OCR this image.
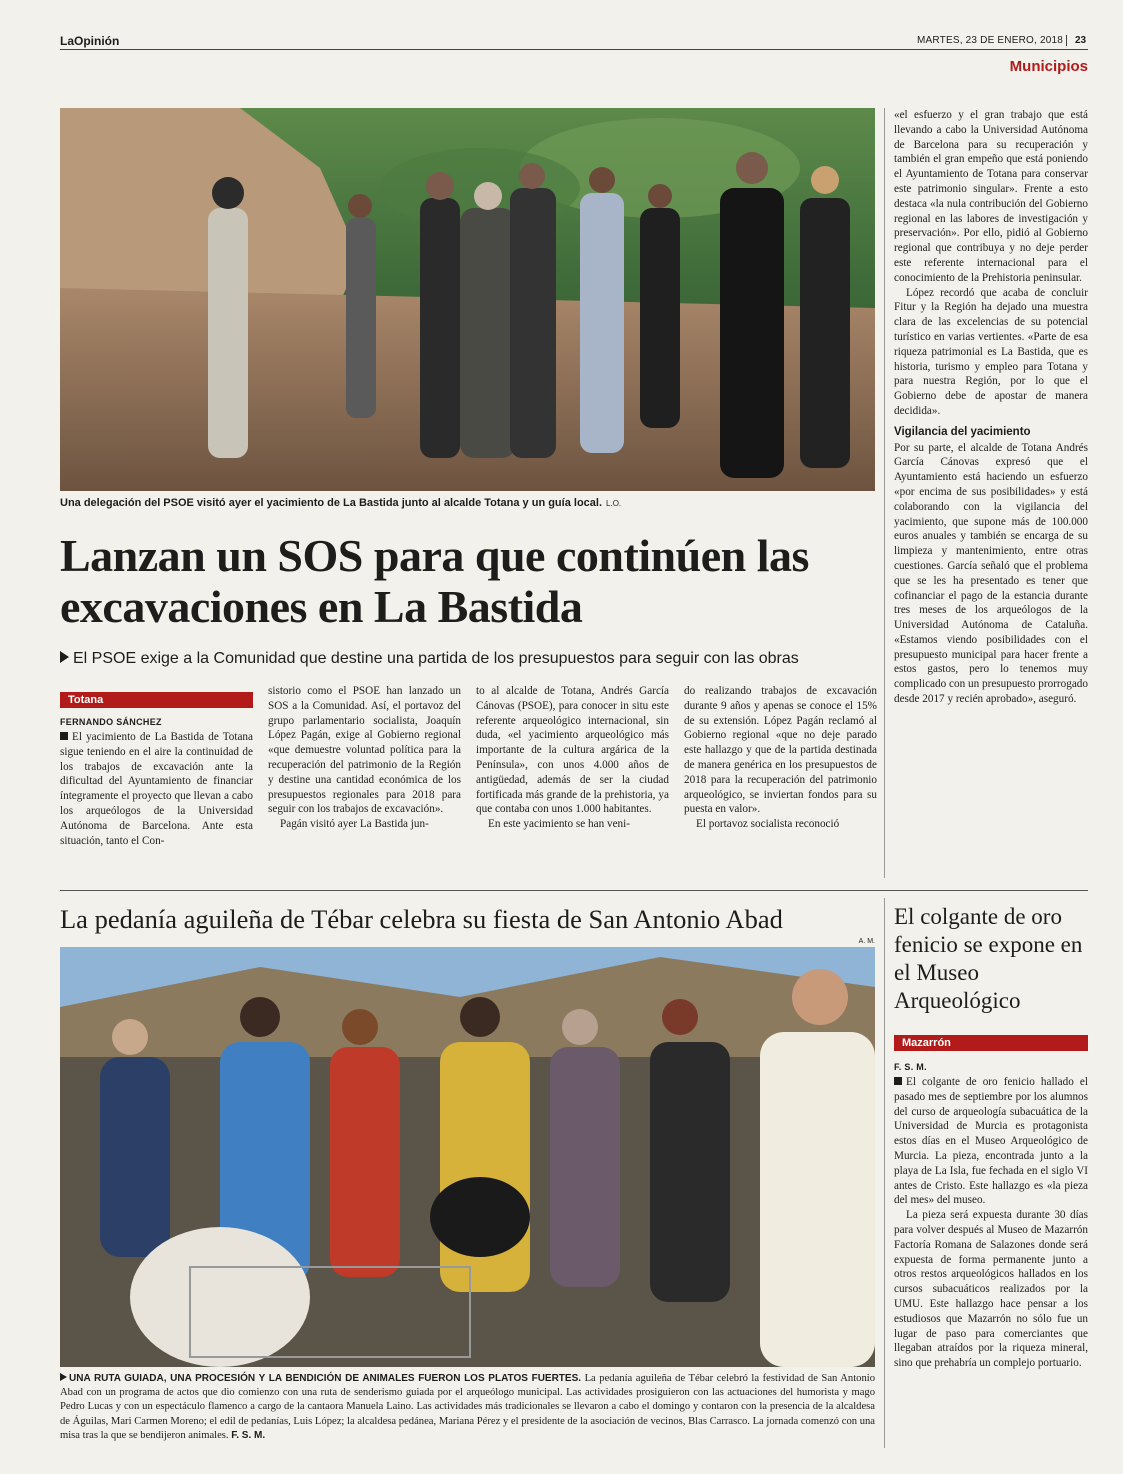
LaOpinión	MARTES, 23 DE ENERO, 2018	23
Municipios
Una delegación del PSOE visitó ayer el yacimiento de La Bastida junto al alcalde Totana y un guía local. L.O.
Lanzan un SOS para que continúen las excavaciones en La Bastida
El PSOE exige a la Comunidad que destine una partida de los presupuestos para seguir con las obras
Totana
FERNANDO SÁNCHEZ

El yacimiento de La Bastida de Totana sigue teniendo en el aire la continuidad de los trabajos de excavación ante la dificultad del Ayuntamiento de financiar íntegramente el proyecto que llevan a cabo los arqueólogos de la Universidad Autónoma de Barcelona. Ante esta situación, tanto el Con-

sistorio como el PSOE han lanzado un SOS a la Comunidad. Así, el portavoz del grupo parlamentario socialista, Joaquín López Pagán, exige al Gobierno regional «que demuestre voluntad política para la recuperación del patrimonio de la Región y destine una cantidad económica de los presupuestos regionales para 2018 para seguir con los trabajos de excavación».

Pagán visitó ayer La Bastida jun-

to al alcalde de Totana, Andrés García Cánovas (PSOE), para conocer in situ este referente arqueológico internacional, sin duda, «el yacimiento arqueológico más importante de la cultura argárica de la Península», con unos 4.000 años de antigüedad, además de ser la ciudad fortificada más grande de la prehistoria, ya que contaba con unos 1.000 habitantes.

En este yacimiento se han veni-

do realizando trabajos de excavación durante 9 años y apenas se conoce el 15% de su extensión. López Pagán reclamó al Gobierno regional «que no deje parado este hallazgo y que de la partida destinada de manera genérica en los presupuestos de 2018 para la recuperación del patrimonio arqueológico, se inviertan fondos para su puesta en valor».

El portavoz socialista reconoció

«el esfuerzo y el gran trabajo que está llevando a cabo la Universidad Autónoma de Barcelona para su recuperación y también el gran empeño que está poniendo el Ayuntamiento de Totana para conservar este patrimonio singular». Frente a esto destaca «la nula contribución del Gobierno regional en las labores de investigación y preservación». Por ello, pidió al Gobierno regional que contribuya y no deje perder este referente internacional para el conocimiento de la Prehistoria peninsular.

López recordó que acaba de concluir Fitur y la Región ha dejado una muestra clara de las excelencias de su potencial turístico en varias vertientes. «Parte de esa riqueza patrimonial es La Bastida, que es historia, turismo y empleo para Totana y para nuestra Región, por lo que el Gobierno debe de apostar de manera decidida».

Vigilancia del yacimiento

Por su parte, el alcalde de Totana Andrés García Cánovas expresó que el Ayuntamiento está haciendo un esfuerzo «por encima de sus posibilidades» y está colaborando con la vigilancia del yacimiento, que supone más de 100.000 euros anuales y también se encarga de su limpieza y mantenimiento, entre otras cuestiones. García señaló que el problema que se les ha presentado es tener que cofinanciar el pago de la estancia durante tres meses de los arqueólogos de la Universidad Autónoma de Cataluña. «Estamos viendo posibilidades con el presupuesto municipal para hacer frente a estos gastos, pero lo tenemos muy complicado con un presupuesto prorrogado desde 2017 y recién aprobado», aseguró.

La pedanía aguileña de Tébar celebra su fiesta de San Antonio Abad
A. M.
UNA RUTA GUIADA, UNA PROCESIÓN Y LA BENDICIÓN DE ANIMALES FUERON LOS PLATOS FUERTES. La pedanía aguileña de Tébar celebró la festividad de San Antonio Abad con un programa de actos que dio comienzo con una ruta de senderismo guiada por el arqueólogo municipal. Las actividades prosiguieron con las actuaciones del humorista y mago Pedro Lucas y con un espectáculo flamenco a cargo de la cantaora Manuela Laino. Las actividades más tradicionales se llevaron a cabo el domingo y contaron con la presencia de la alcaldesa de Águilas, Mari Carmen Moreno; el edil de pedanías, Luis López; la alcaldesa pedánea, Mariana Pérez y el presidente de la asociación de vecinos, Blas Carrasco. La jornada comenzó con una misa tras la que se bendijeron animales. F. S. M.
El colgante de oro fenicio se expone en el Museo Arqueológico
Mazarrón
F. S. M.

El colgante de oro fenicio hallado el pasado mes de septiembre por los alumnos del curso de arqueología subacuática de la Universidad de Murcia es protagonista estos días en el Museo Arqueológico de Murcia. La pieza, encontrada junto a la playa de La Isla, fue fechada en el siglo VI antes de Cristo. Este hallazgo es «la pieza del mes» del museo.

La pieza será expuesta durante 30 días para volver después al Museo de Mazarrón Factoría Romana de Salazones donde será expuesta de forma permanente junto a otros restos arqueológicos hallados en los cursos subacuáticos realizados por la UMU. Este hallazgo hace pensar a los estudiosos que Mazarrón no sólo fue un lugar de paso para comerciantes que llegaban atraídos por la riqueza mineral, sino que prehabría un complejo portuario.
